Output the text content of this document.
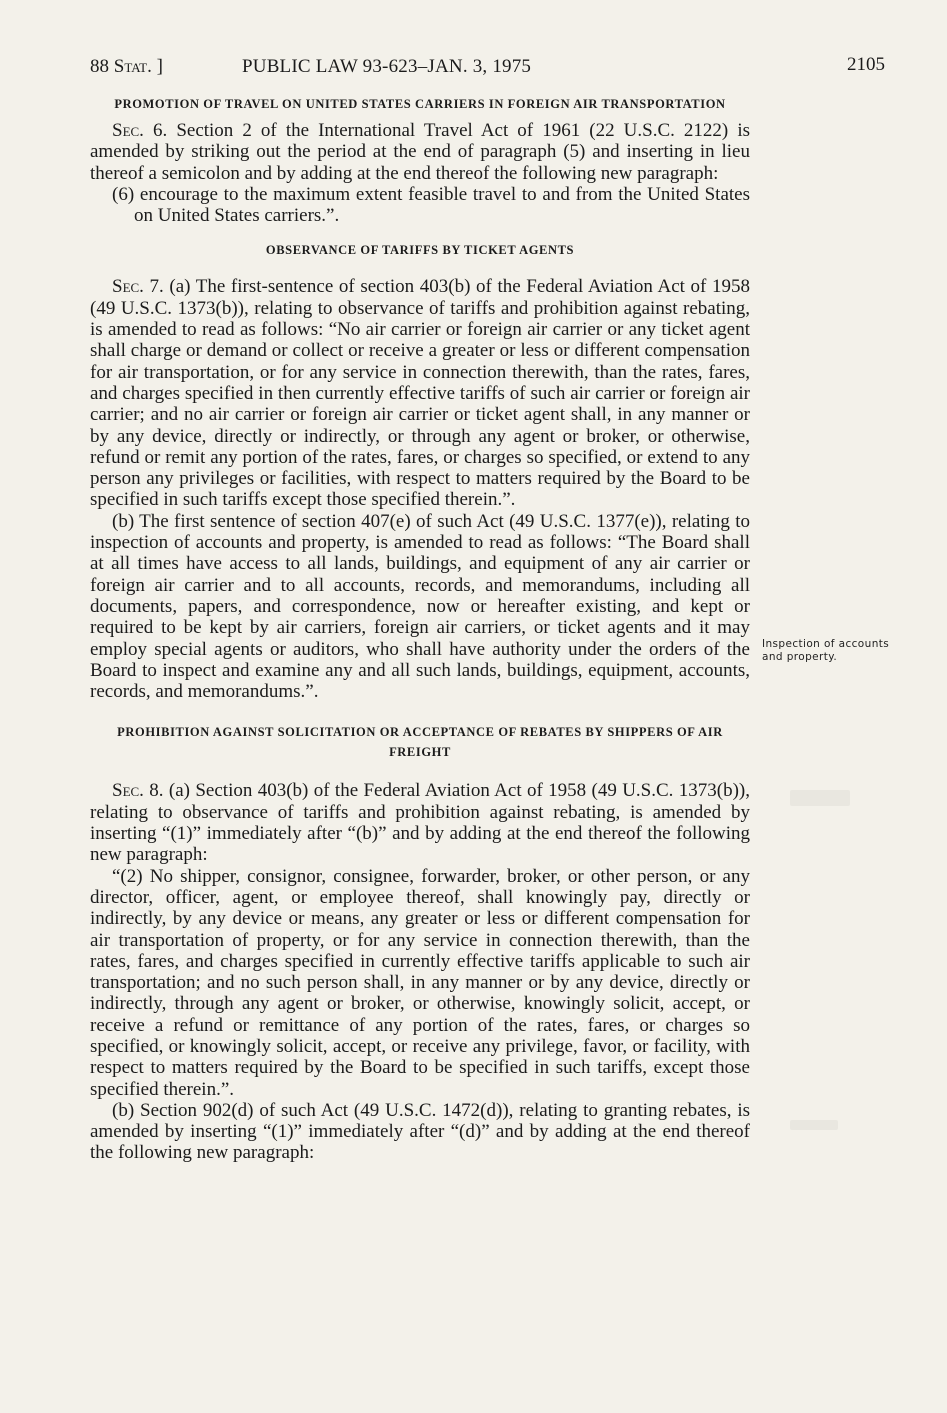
88 Stat. ]	PUBLIC LAW 93-623–JAN. 3, 1975	2105

PROMOTION OF TRAVEL ON UNITED STATES CARRIERS IN FOREIGN AIR TRANSPORTATION

Sec. 6. Section 2 of the International Travel Act of 1961 (22 U.S.C. 2122) is amended by striking out the period at the end of paragraph (5) and inserting in lieu thereof a semicolon and by adding at the end thereof the following new paragraph:

(6) encourage to the maximum extent feasible travel to and from the United States on United States carriers.”.

OBSERVANCE OF TARIFFS BY TICKET AGENTS

Sec. 7. (a) The first-sentence of section 403(b) of the Federal Aviation Act of 1958 (49 U.S.C. 1373(b)), relating to observance of tariffs and prohibition against rebating, is amended to read as follows: “No air carrier or foreign air carrier or any ticket agent shall charge or demand or collect or receive a greater or less or different compensation for air transportation, or for any service in connection therewith, than the rates, fares, and charges specified in then currently effective tariffs of such air carrier or foreign air carrier; and no air carrier or foreign air carrier or ticket agent shall, in any manner or by any device, directly or indirectly, or through any agent or broker, or otherwise, refund or remit any portion of the rates, fares, or charges so specified, or extend to any person any privileges or facilities, with respect to matters required by the Board to be specified in such tariffs except those specified therein.”.

(b) The first sentence of section 407(e) of such Act (49 U.S.C. 1377(e)), relating to inspection of accounts and property, is amended to read as follows: “The Board shall at all times have access to all lands, buildings, and equipment of any air carrier or foreign air carrier and to all accounts, records, and memorandums, including all documents, papers, and correspondence, now or hereafter existing, and kept or required to be kept by air carriers, foreign air carriers, or ticket agents and it may employ special agents or auditors, who shall have authority under the orders of the Board to inspect and examine any and all such lands, buildings, equipment, accounts, records, and memorandums.”.

PROHIBITION AGAINST SOLICITATION OR ACCEPTANCE OF REBATES BY SHIPPERS OF AIR FREIGHT

Sec. 8. (a) Section 403(b) of the Federal Aviation Act of 1958 (49 U.S.C. 1373(b)), relating to observance of tariffs and prohibition against rebating, is amended by inserting “(1)” immediately after “(b)” and by adding at the end thereof the following new paragraph:

“(2) No shipper, consignor, consignee, forwarder, broker, or other person, or any director, officer, agent, or employee thereof, shall knowingly pay, directly or indirectly, by any device or means, any greater or less or different compensation for air transportation of property, or for any service in connection therewith, than the rates, fares, and charges specified in currently effective tariffs applicable to such air transportation; and no such person shall, in any manner or by any device, directly or indirectly, through any agent or broker, or otherwise, knowingly solicit, accept, or receive a refund or remittance of any portion of the rates, fares, or charges so specified, or knowingly solicit, accept, or receive any privilege, favor, or facility, with respect to matters required by the Board to be specified in such tariffs, except those specified therein.”.

(b) Section 902(d) of such Act (49 U.S.C. 1472(d)), relating to granting rebates, is amended by inserting “(1)” immediately after “(d)” and by adding at the end thereof the following new paragraph:

Inspection of accounts and property.
